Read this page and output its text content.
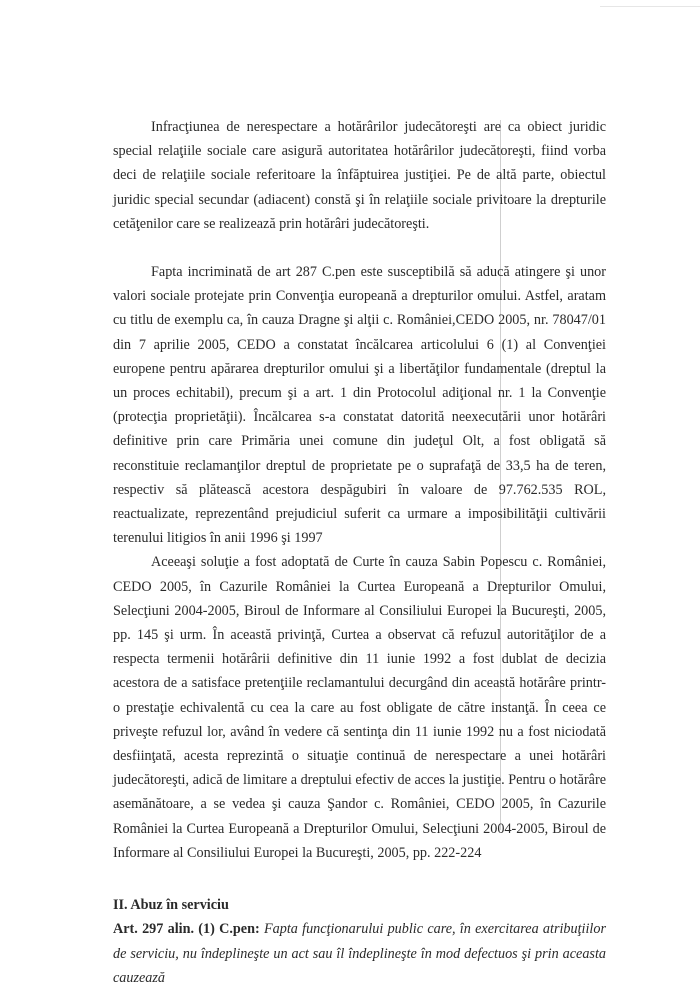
Infracţiunea de nerespectare a hotărârilor judecătoreşti are ca obiect juridic special relaţiile sociale care asigură autoritatea hotărârilor judecătoreşti, fiind vorba deci de relaţiile sociale referitoare la înfăptuirea justiţiei. Pe de altă parte, obiectul juridic special secundar (adiacent) constă şi în relaţiile sociale privitoare la drepturile cetăţenilor care se realizează prin hotărâri judecătoreşti.

Fapta incriminată de art 287 C.pen este susceptibilă să aducă atingere şi unor valori sociale protejate prin Convenţia europeană a drepturilor omului. Astfel, aratam cu titlu de exemplu ca, în cauza Dragne şi alţii c. României,CEDO 2005, nr. 78047/01 din 7 aprilie 2005, CEDO a constatat încălcarea articolului 6 (1) al Convenţiei europene pentru apărarea drepturilor omului şi a libertăţilor fundamentale (dreptul la un proces echitabil), precum şi a art. 1 din Protocolul adiţional nr. 1 la Convenţie (protecţia proprietăţii). Încălcarea s-a constatat datorită neexecutării unor hotărâri definitive prin care Primăria unei comune din judeţul Olt, a fost obligată să reconstituie reclamanţilor dreptul de proprietate pe o suprafaţă de 33,5 ha de teren, respectiv să plătească acestora despăgubiri în valoare de 97.762.535 ROL, reactualizate, reprezentând prejudiciul suferit ca urmare a imposibilităţii cultivării terenului litigios în anii 1996 şi 1997

Aceeaşi soluţie a fost adoptată de Curte în cauza Sabin Popescu c. României, CEDO 2005, în Cazurile României la Curtea Europeană a Drepturilor Omului, Selecţiuni 2004-2005, Biroul de Informare al Consiliului Europei la Bucureşti, 2005, pp. 145 şi urm. În această privinţă, Curtea a observat că refuzul autorităţilor de a respecta termenii hotărârii definitive din 11 iunie 1992 a fost dublat de decizia acestora de a satisface pretenţiile reclamantului decurgând din această hotărâre printr-o prestaţie echivalentă cu cea la care au fost obligate de către instanţă. În ceea ce priveşte refuzul lor, având în vedere că sentinţa din 11 iunie 1992 nu a fost niciodată desfiinţată, acesta reprezintă o situaţie continuă de nerespectare a unei hotărâri judecătoreşti, adică de limitare a dreptului efectiv de acces la justiţie. Pentru o hotărâre asemănătoare, a se vedea şi cauza Şandor c. României, CEDO 2005, în Cazurile României la Curtea Europeană a Drepturilor Omului, Selecţiuni 2004-2005, Biroul de Informare al Consiliului Europei la Bucureşti, 2005, pp. 222-224

II. Abuz în serviciu

Art. 297 alin. (1) C.pen: Fapta funcţionarului public care, în exercitarea atribuţiilor de serviciu, nu îndeplineşte un act sau îl îndeplineşte în mod defectuos şi prin aceasta cauzează
